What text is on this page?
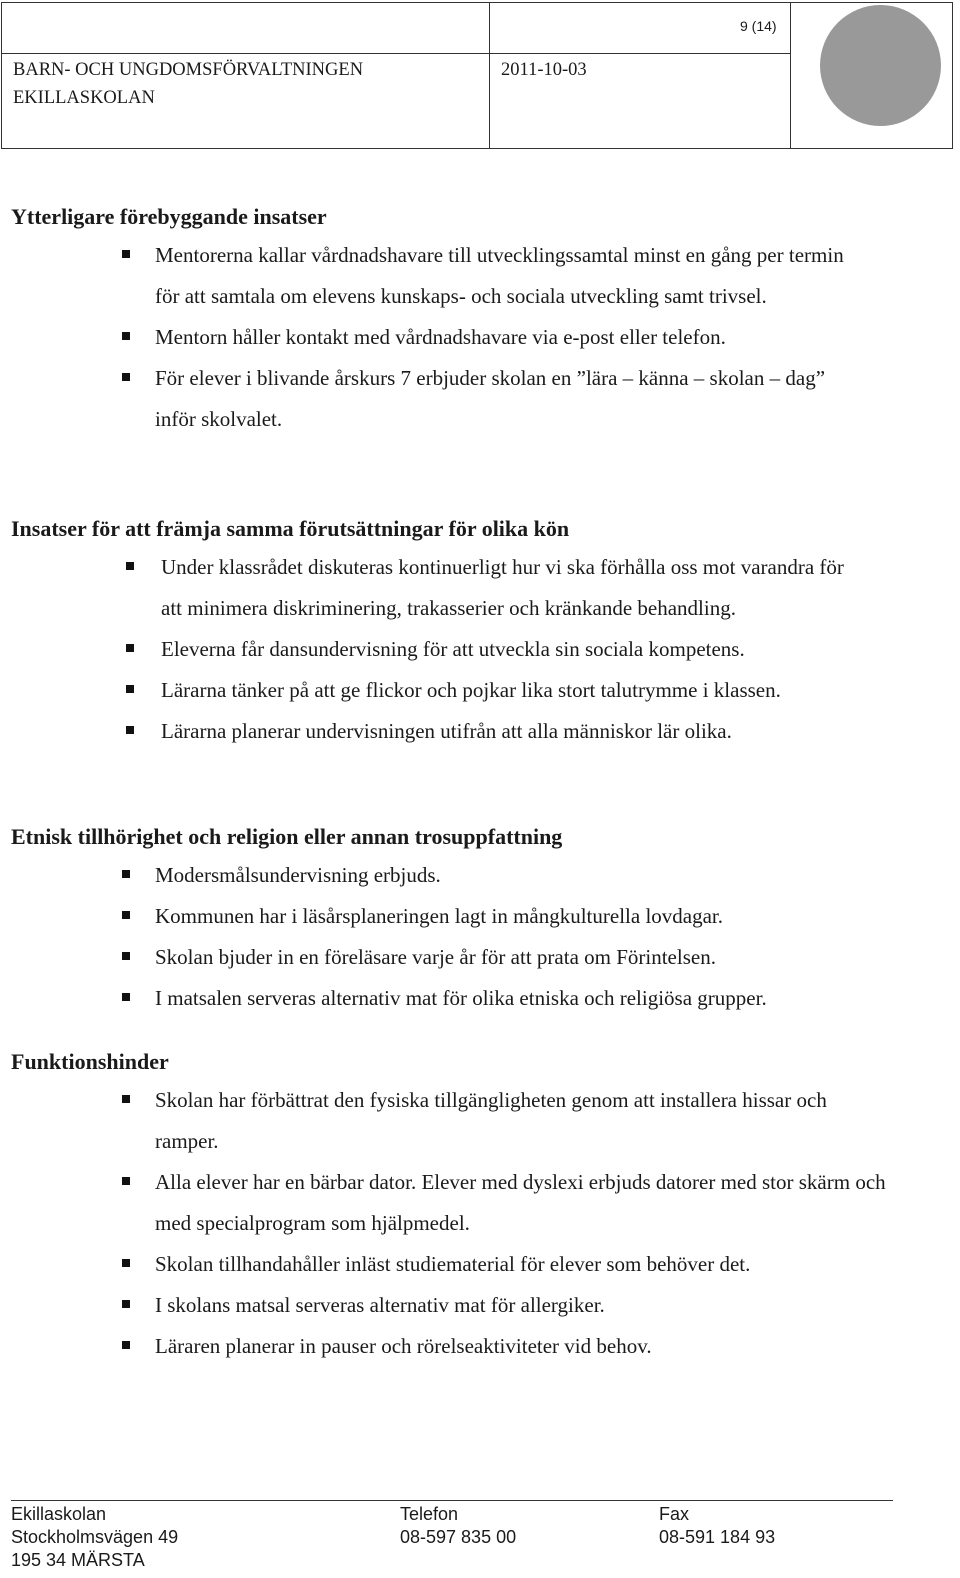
9 (14)
BARN- OCH UNGDOMSFÖRVALTNINGEN
EKILLASKOLAN
2011-10-03
Ytterligare förebyggande insatser
Mentorerna kallar vårdnadshavare till utvecklingssamtal minst en gång per termin för att samtala om elevens kunskaps- och sociala utveckling samt trivsel.
Mentorn håller kontakt med vårdnadshavare via e-post eller telefon.
För elever i blivande årskurs 7 erbjuder skolan en ”lära – känna – skolan – dag” inför skolvalet.
Insatser för att främja samma förutsättningar för olika kön
Under klassrådet diskuteras kontinuerligt hur vi ska förhålla oss mot varandra för att minimera diskriminering, trakasserier och kränkande behandling.
Eleverna får dansundervisning för att utveckla sin sociala kompetens.
Lärarna tänker på att ge flickor och pojkar lika stort talutrymme i klassen.
Lärarna planerar undervisningen utifrån att alla människor lär olika.
Etnisk tillhörighet och religion eller annan trosuppfattning
Modersmålsundervisning erbjuds.
Kommunen har i läsårsplaneringen lagt in mångkulturella lovdagar.
Skolan bjuder in en föreläsare varje år för att prata om Förintelsen.
I matsalen serveras alternativ mat för olika etniska och religiösa grupper.
Funktionshinder
Skolan har förbättrat den fysiska tillgängligheten genom att installera hissar och ramper.
Alla elever har en bärbar dator. Elever med dyslexi erbjuds datorer med stor skärm och med specialprogram som hjälpmedel.
Skolan tillhandahåller inläst studiematerial för elever som behöver det.
I skolans matsal serveras alternativ mat för allergiker.
Läraren planerar in pauser och rörelseaktiviteter vid behov.
Ekillaskolan
Stockholmsvägen 49
195 34 MÄRSTA
Telefon
08-597 835 00
Fax
08-591 184 93
